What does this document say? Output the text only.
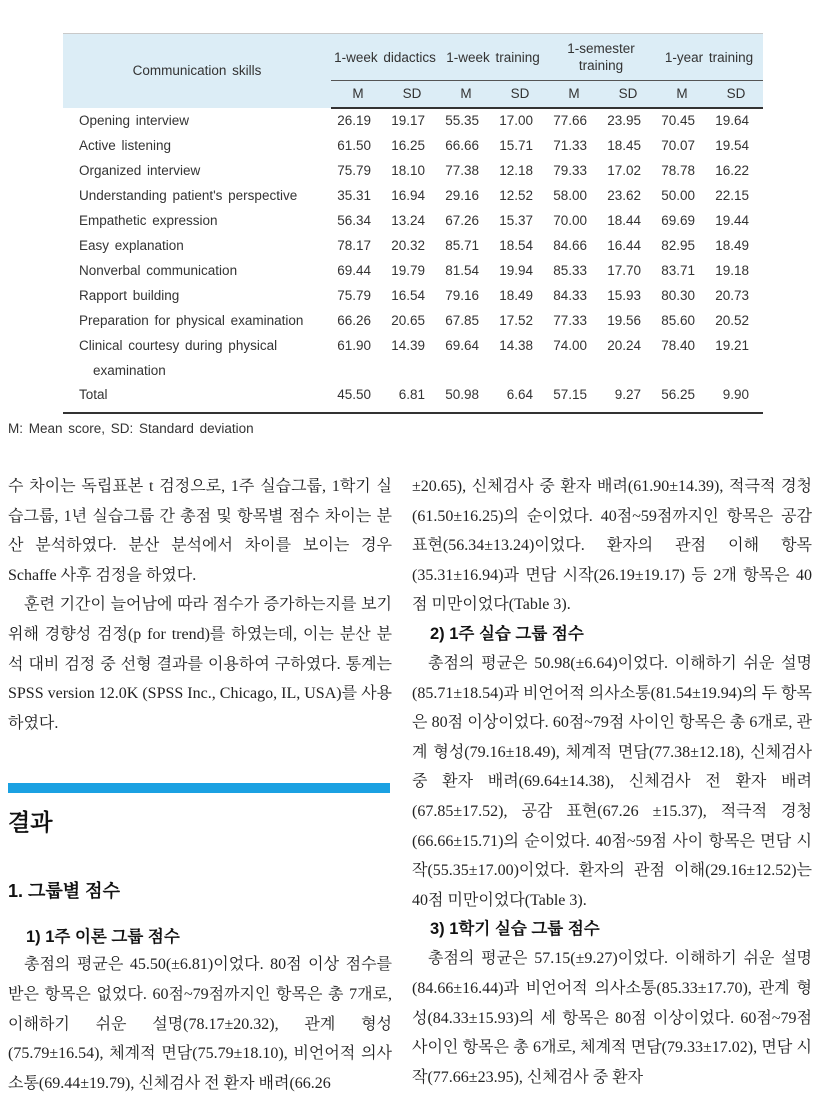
Communication skills	1-week didactics		1-week training		1-semester training		1-year training	
	M	SD	M	SD	M	SD	M	SD
Opening interview	26.19	19.17	55.35	17.00	77.66	23.95	70.45	19.64
Active listening	61.50	16.25	66.66	15.71	71.33	18.45	70.07	19.54
Organized interview	75.79	18.10	77.38	12.18	79.33	17.02	78.78	16.22
Understanding patient's perspective	35.31	16.94	29.16	12.52	58.00	23.62	50.00	22.15
Empathetic expression	56.34	13.24	67.26	15.37	70.00	18.44	69.69	19.44
Easy explanation	78.17	20.32	85.71	18.54	84.66	16.44	82.95	18.49
Nonverbal communication	69.44	19.79	81.54	19.94	85.33	17.70	83.71	19.18
Rapport building	75.79	16.54	79.16	18.49	84.33	15.93	80.30	20.73
Preparation for physical examination	66.26	20.65	67.85	17.52	77.33	19.56	85.60	20.52

Clinical courtesy during physical
examination	61.90	14.39	69.64	14.38	74.00	20.24	78.40	19.21
Total	45.50	6.81	50.98	6.64	57.15	9.27	56.25	9.90
M: Mean score, SD: Standard deviation
수 차이는 독립표본 t 검정으로, 1주 실습그룹, 1학기 실습그룹, 1년 실습그룹 간 총점 및 항목별 점수 차이는 분산 분석하였다. 분산 분석에서 차이를 보이는 경우 Schaffe 사후 검정을 하였다.
훈련 기간이 늘어남에 따라 점수가 증가하는지를 보기 위해 경향성 검정(p for trend)를 하였는데, 이는 분산 분석 대비 검정 중 선형 결과를 이용하여 구하였다. 통계는 SPSS version 12.0K (SPSS Inc., Chicago, IL, USA)를 사용하였다.
결과
1. 그룹별 점수
1) 1주 이론 그룹 점수
총점의 평균은 45.50(±6.81)이었다. 80점 이상 점수를 받은 항목은 없었다. 60점~79점까지인 항목은 총 7개로, 이해하기 쉬운 설명(78.17±20.32), 관계 형성(75.79±16.54), 체계적 면담(75.79±18.10), 비언어적 의사소통(69.44±19.79), 신체검사 전 환자 배려(66.26
±20.65), 신체검사 중 환자 배려(61.90±14.39), 적극적 경청(61.50±16.25)의 순이었다. 40점~59점까지인 항목은 공감 표현(56.34±13.24)이었다. 환자의 관점 이해 항목(35.31±16.94)과 면담 시작(26.19±19.17) 등 2개 항목은 40점 미만이었다(Table 3).
2) 1주 실습 그룹 점수
총점의 평균은 50.98(±6.64)이었다. 이해하기 쉬운 설명(85.71±18.54)과 비언어적 의사소통(81.54±19.94)의 두 항목은 80점 이상이었다. 60점~79점 사이인 항목은 총 6개로, 관계 형성(79.16±18.49), 체계적 면담(77.38±12.18), 신체검사 중 환자 배려(69.64±14.38), 신체검사 전 환자 배려(67.85±17.52), 공감 표현(67.26 ±15.37), 적극적 경청(66.66±15.71)의 순이었다. 40점~59점 사이 항목은 면담 시작(55.35±17.00)이었다. 환자의 관점 이해(29.16±12.52)는 40점 미만이었다(Table 3).
3) 1학기 실습 그룹 점수
총점의 평균은 57.15(±9.27)이었다. 이해하기 쉬운 설명(84.66±16.44)과 비언어적 의사소통(85.33±17.70), 관계 형성(84.33±15.93)의 세 항목은 80점 이상이었다. 60점~79점 사이인 항목은 총 6개로, 체계적 면담(79.33±17.02), 면담 시작(77.66±23.95), 신체검사 중 환자
